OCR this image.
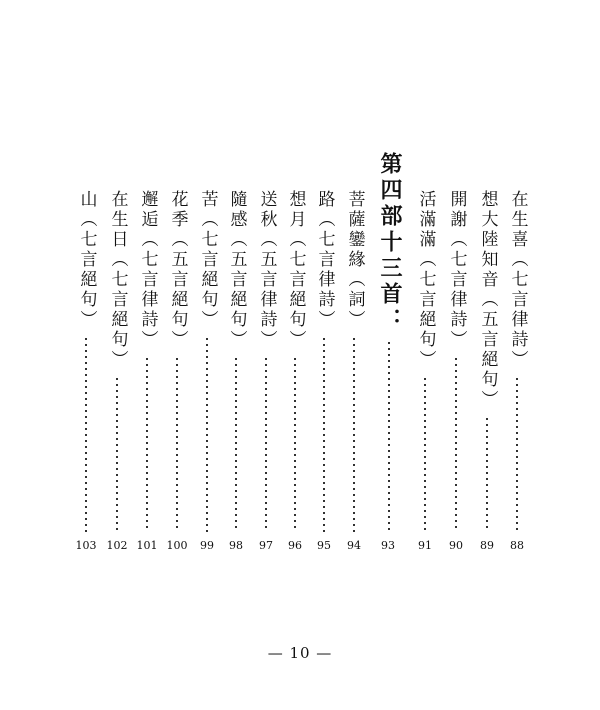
在生喜（七言律詩）
88
想大陸知音（五言絕句）
89
開謝（七言律詩）
90
活滿滿（七言絕句）
91
第四部十三首：
93
菩薩鑾緣（詞）
94
路（七言律詩）
95
想月（七言絕句）
96
送秋（五言律詩）
97
隨感（五言絕句）
98
苦（七言絕句）
99
花季（五言絕句）
100
邂逅（七言律詩）
101
在生日（七言絕句）
102
山（七言絕句）
103
— 10 —
